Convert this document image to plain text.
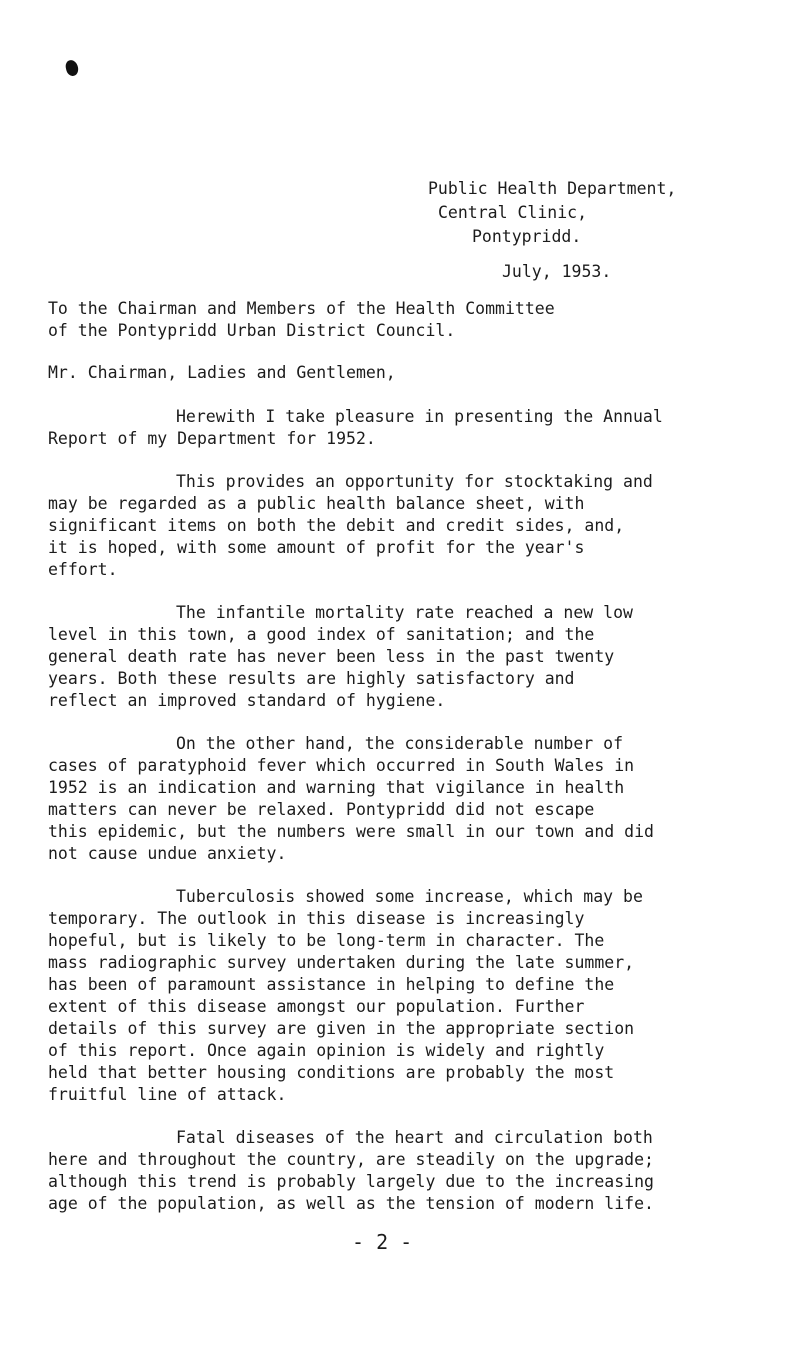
Public Health Department,
Central Clinic,
Pontypridd.
July, 1953.

To the Chairman and Members of the Health Committee
of the Pontypridd Urban District Council.

Mr. Chairman, Ladies and Gentlemen,

Herewith I take pleasure in presenting the Annual
Report of my Department for 1952.

This provides an opportunity for stocktaking and
may be regarded as a public health balance sheet, with
significant items on both the debit and credit sides, and,
it is hoped, with some amount of profit for the year's
effort.

The infantile mortality rate reached a new low
level in this town, a good index of sanitation; and the
general death rate has never been less in the past twenty
years. Both these results are highly satisfactory and
reflect an improved standard of hygiene.

On the other hand, the considerable number of
cases of paratyphoid fever which occurred in South Wales in
1952 is an indication and warning that vigilance in health
matters can never be relaxed. Pontypridd did not escape
this epidemic, but the numbers were small in our town and did
not cause undue anxiety.

Tuberculosis showed some increase, which may be
temporary. The outlook in this disease is increasingly
hopeful, but is likely to be long-term in character. The
mass radiographic survey undertaken during the late summer,
has been of paramount assistance in helping to define the
extent of this disease amongst our population. Further
details of this survey are given in the appropriate section
of this report. Once again opinion is widely and rightly
held that better housing conditions are probably the most
fruitful line of attack.

Fatal diseases of the heart and circulation both
here and throughout the country, are steadily on the upgrade;
although this trend is probably largely due to the increasing
age of the population, as well as the tension of modern life.

- 2 -
